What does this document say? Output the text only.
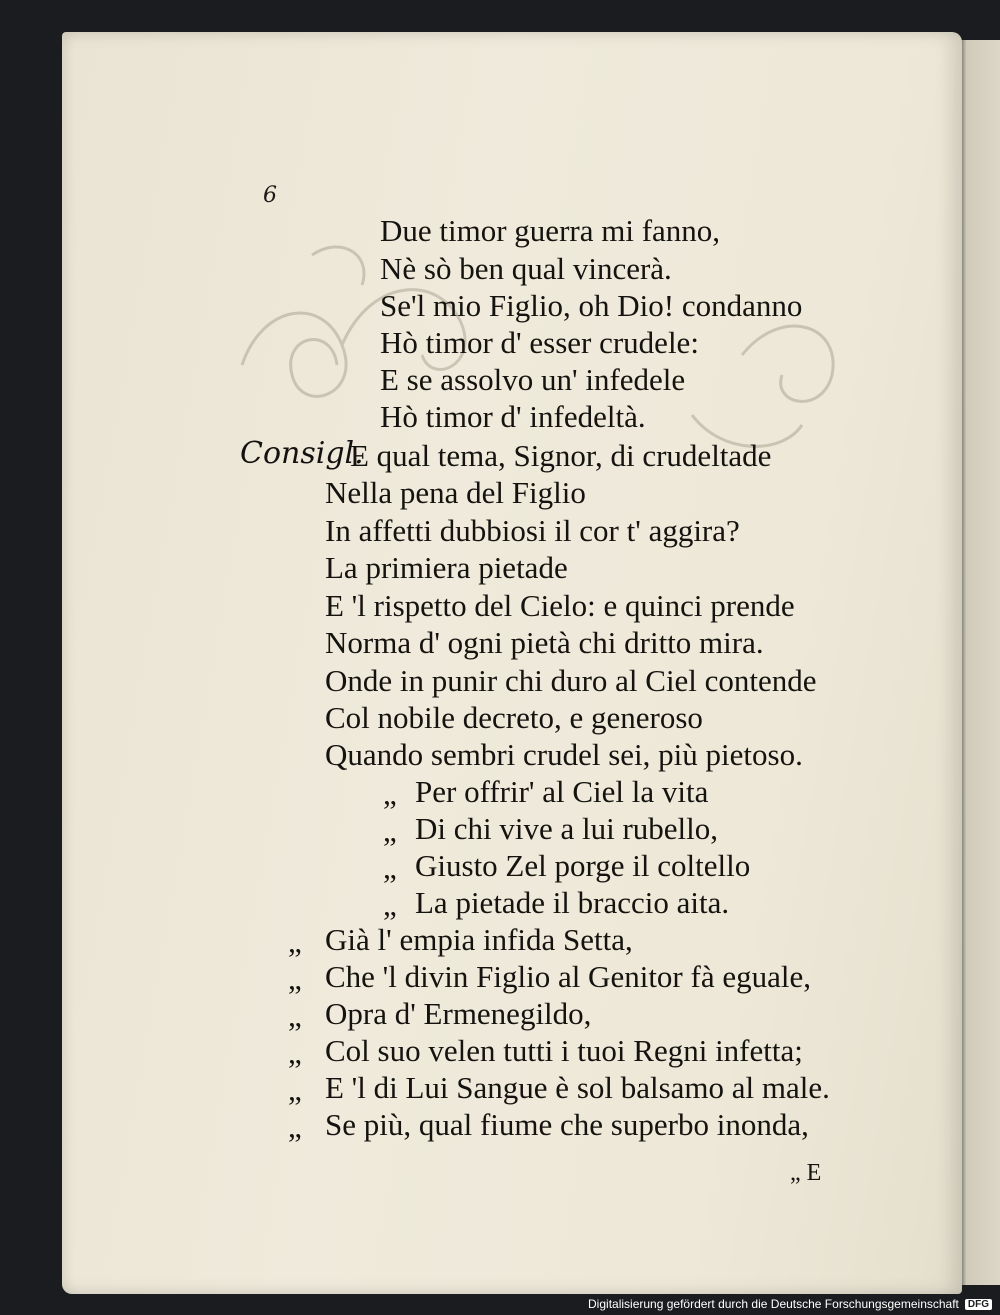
6
Consigl.
Due timor guerra mi fanno,
Nè sò ben qual vincerà.
Se'l mio Figlio, oh Dio! condanno
Hò timor d' esser crudele:
E se assolvo un' infedele
Hò timor d' infedeltà.
E qual tema, Signor, di crudeltade
Nella pena del Figlio
In affetti dubbiosi il cor t' aggira?
La primiera pietade
E 'l rispetto del Cielo: e quinci prende
Norma d' ogni pietà chi dritto mira.
Onde in punir chi duro al Ciel contende
Col nobile decreto, e generoso
Quando sembri crudel sei, più pietoso.
„ Per offrir' al Ciel la vita
„ Di chi vive a lui rubello,
„ Giusto Zel porge il coltello
„ La pietade il braccio aita.
„ Già l' empia infida Setta,
„ Che 'l divin Figlio al Genitor fà eguale,
„ Opra d' Ermenegildo,
„ Col suo velen tutti i tuoi Regni infetta;
„ E 'l di Lui Sangue è sol balsamo al male.
„ Se più, qual fiume che superbo inonda,
„ E
Digitalisierung gefördert durch die Deutsche Forschungsgemeinschaft DFG
